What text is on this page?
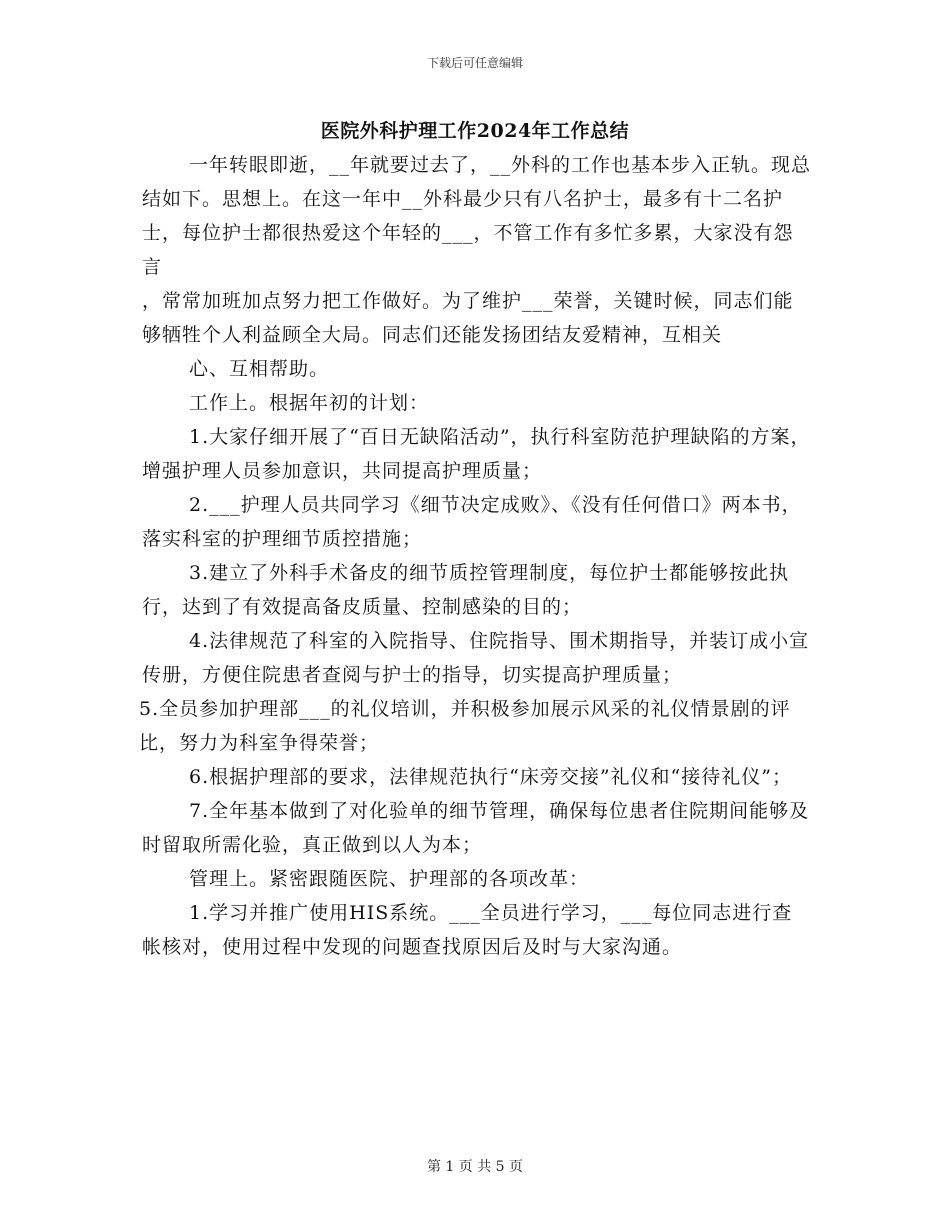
下载后可任意编辑
医院外科护理工作2024年工作总结

一年转眼即逝，__年就要过去了，__外科的工作也基本步入正轨。现总结如下。思想上。在这一年中__外科最少只有八名护士，最多有十二名护士，每位护士都很热爱这个年轻的___，不管工作有多忙多累，大家没有怨言

，常常加班加点努力把工作做好。为了维护___荣誉，关键时候，同志们能够牺牲个人利益顾全大局。同志们还能发扬团结友爱精神，互相关

心、互相帮助。

工作上。根据年初的计划：

1.大家仔细开展了“百日无缺陷活动”，执行科室防范护理缺陷的方案，增强护理人员参加意识，共同提高护理质量；

2.___护理人员共同学习《细节决定成败》、《没有任何借口》两本书，落实科室的护理细节质控措施；

3.建立了外科手术备皮的细节质控管理制度，每位护士都能够按此执行，达到了有效提高备皮质量、控制感染的目的；

4.法律规范了科室的入院指导、住院指导、围术期指导，并装订成小宣传册，方便住院患者查阅与护士的指导，切实提高护理质量；

5.全员参加护理部___的礼仪培训，并积极参加展示风采的礼仪情景剧的评比，努力为科室争得荣誉；

6.根据护理部的要求，法律规范执行“床旁交接”礼仪和“接待礼仪”；

7.全年基本做到了对化验单的细节管理，确保每位患者住院期间能够及时留取所需化验，真正做到以人为本；

管理上。紧密跟随医院、护理部的各项改革：

1.学习并推广使用HIS系统。___全员进行学习，___每位同志进行查帐核对，使用过程中发现的问题查找原因后及时与大家沟通。

第 1 页 共 5 页
